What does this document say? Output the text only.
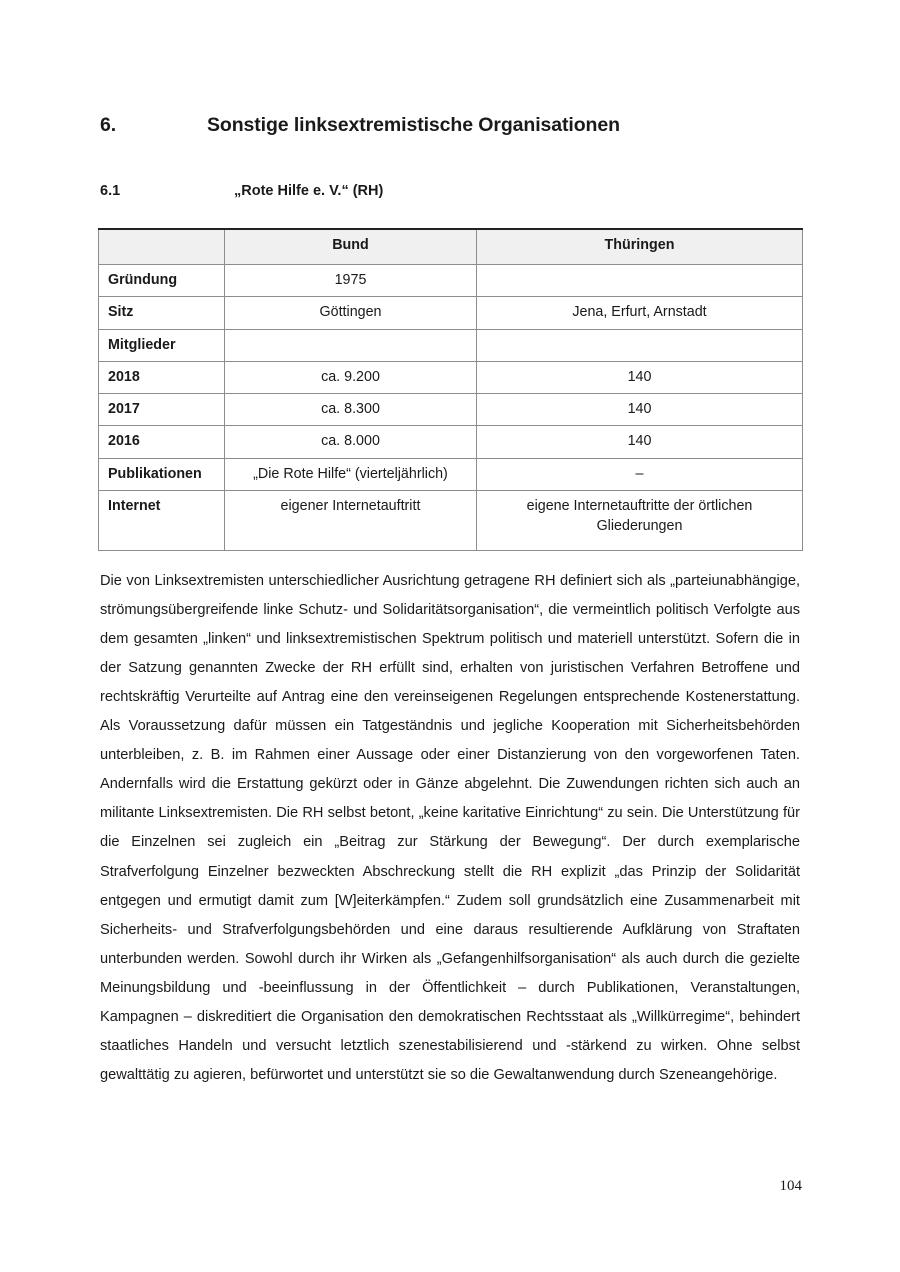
6.	Sonstige linksextremistische Organisationen
6.1	„Rote Hilfe e. V.“ (RH)
	Bund	Thüringen
Gründung	1975	
Sitz	Göttingen	Jena, Erfurt, Arnstadt
Mitglieder		
2018	ca. 9.200	140
2017	ca. 8.300	140
2016	ca. 8.000	140
Publikationen	„Die Rote Hilfe“ (vierteljährlich)	–
Internet	eigener Internetauftritt	eigene Internetauftritte der örtlichen Gliederungen

Die von Linksextremisten unterschiedlicher Ausrichtung getragene RH definiert sich als „parteiunabhängige, strömungsübergreifende linke Schutz- und Solidaritätsorganisation“, die vermeintlich politisch Verfolgte aus dem gesamten „linken“ und linksextremistischen Spektrum politisch und materiell unterstützt. Sofern die in der Satzung genannten Zwecke der RH erfüllt sind, erhalten von juristischen Verfahren Betroffene und rechtskräftig Verurteilte auf Antrag eine den vereinseigenen Regelungen entsprechende Kostenerstattung. Als Voraussetzung dafür müssen ein Tatgeständnis und jegliche Kooperation mit Sicherheitsbehörden unterbleiben, z. B. im Rahmen einer Aussage oder einer Distanzierung von den vorgeworfenen Taten. Andernfalls wird die Erstattung gekürzt oder in Gänze abgelehnt. Die Zuwendungen richten sich auch an militante Linksextremisten. Die RH selbst betont, „keine karitative Einrichtung“ zu sein. Die Unterstützung für die Einzelnen sei zugleich ein „Beitrag zur Stärkung der Bewegung“. Der durch exemplarische Strafverfolgung Einzelner bezweckten Abschreckung stellt die RH explizit „das Prinzip der Solidarität entgegen und ermutigt damit zum [W]eiterkämpfen.“ Zudem soll grundsätzlich eine Zusammenarbeit mit Sicherheits- und Strafverfolgungsbehörden und eine daraus resultierende Aufklärung von Straftaten unterbunden werden. Sowohl durch ihr Wirken als „Gefangenhilfsorganisation“ als auch durch die gezielte Meinungsbildung und -beeinflussung in der Öffentlichkeit – durch Publikationen, Veranstaltungen, Kampagnen – diskreditiert die Organisation den demokratischen Rechtsstaat als „Willkürregime“, behindert staatliches Handeln und versucht letztlich szenestabilisierend und -stärkend zu wirken. Ohne selbst gewalttätig zu agieren, befürwortet und unterstützt sie so die Gewaltanwendung durch Szeneangehörige.

104
